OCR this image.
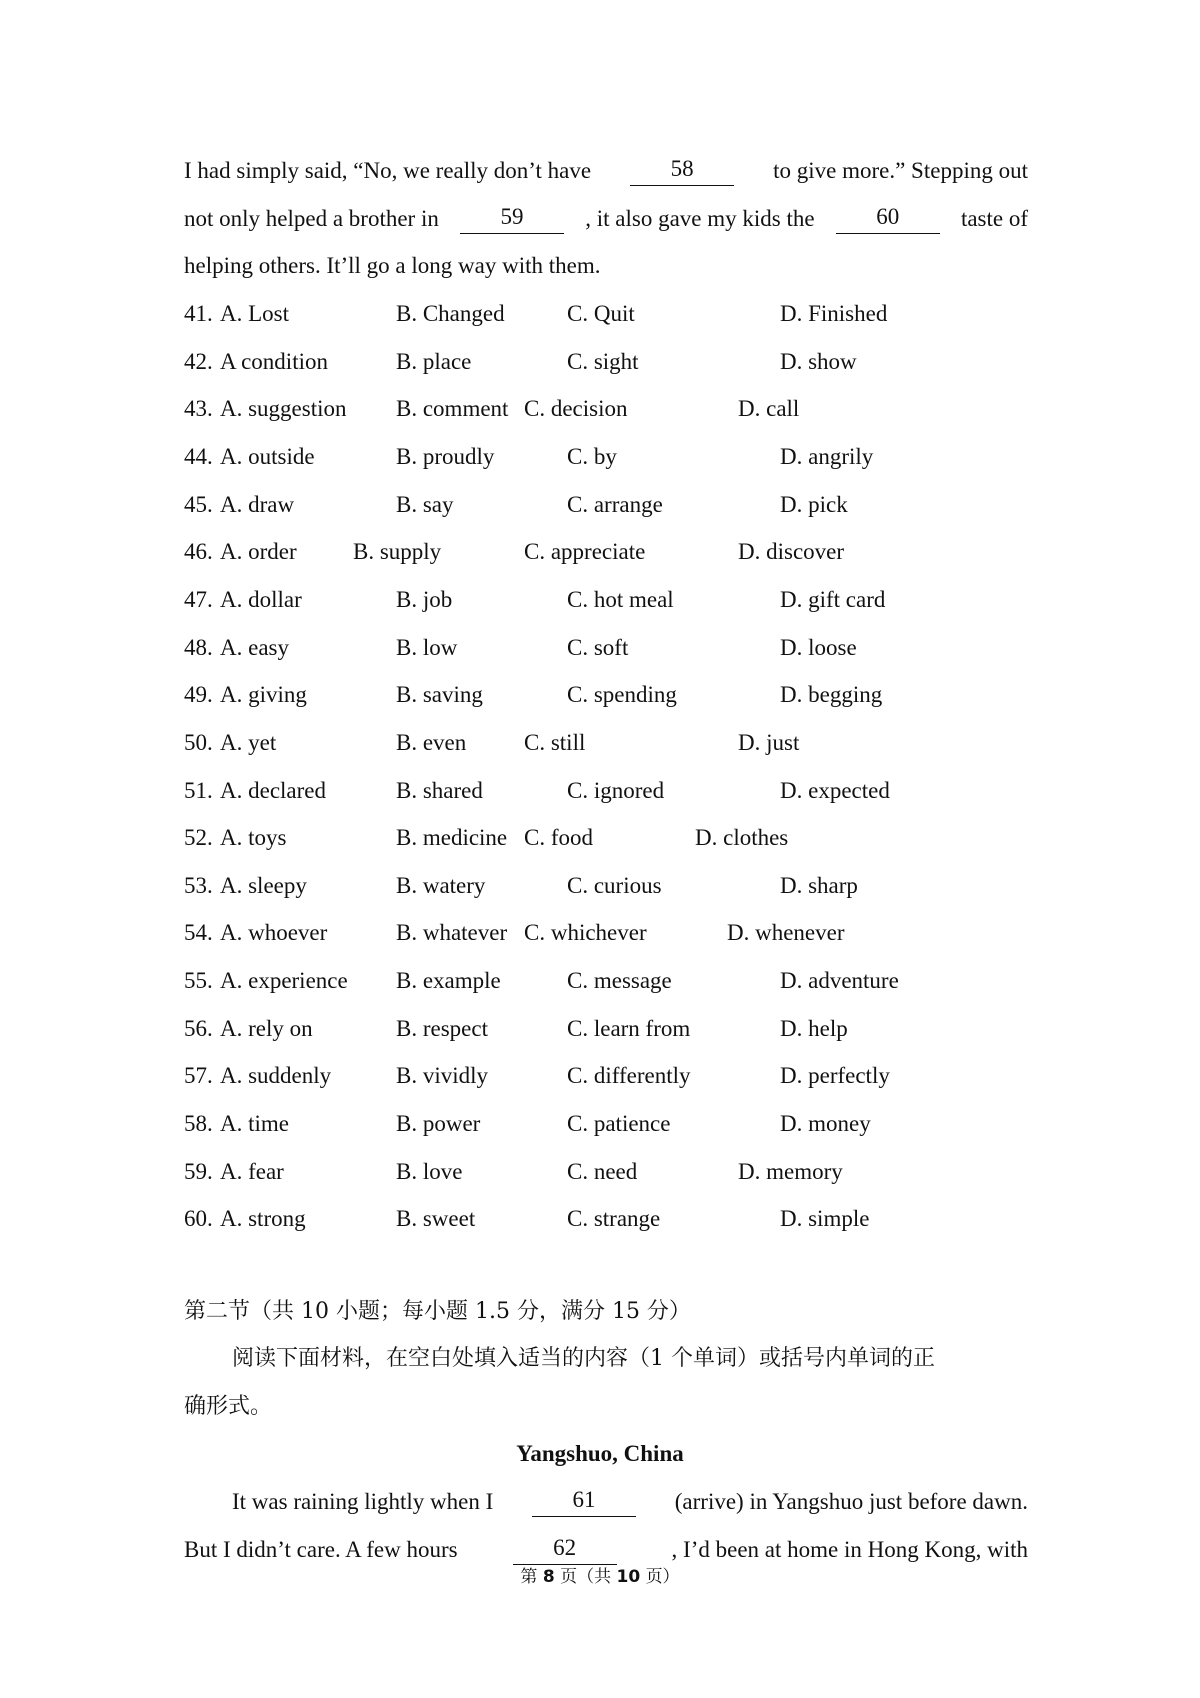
I had simply said, “No, we really don’t have	58	to give more.” Stepping out
not only helped a brother in	59	, it also gave my kids the	60	taste of
helping others. It’ll go a long way with them.
41. A. Lost	B. Changed	C. Quit	D. Finished
42. A condition	B. place	C. sight	D. show
43. A. suggestion B. comment C. decision	D. call
44. A. outside	B. proudly	C. by	D. angrily
45. A. draw	B. say	C. arrange	D. pick
46. A. order B. supply	C. appreciate	D. discover
47. A. dollar	B. job	C. hot meal	D. gift card
48. A. easy	B. low	C. soft	D. loose
49. A. giving	B. saving	C. spending	D. begging
50. A. yet	B. even	C. still	D. just
51. A. declared	B. shared	C. ignored	D. expected
52. A. toys	B. medicine C. food	D. clothes
53. A. sleepy	B. watery	C. curious	D. sharp
54. A. whoever	B. whatever C. whichever	D. whenever
55. A. experience B. example	C. message	D. adventure
56. A. rely on	B. respect	C. learn from	D. help
57. A. suddenly	B. vividly	C. differently	D. perfectly
58. A. time	B. power	C. patience	D. money
59. A. fear	B. love	C. need	D. memory
60. A. strong	B. sweet	C. strange	D. simple
第二节（共 10 小题；每小题 1.5 分，满分 15 分）
阅读下面材料，在空白处填入适当的内容（1 个单词）或括号内单词的正
确形式。
Yangshuo, China
It was raining lightly when I	61	(arrive) in Yangshuo just before dawn.
But I didn’t care. A few hours	62	, I’d been at home in Hong Kong, with
第 8 页（共 10 页）
